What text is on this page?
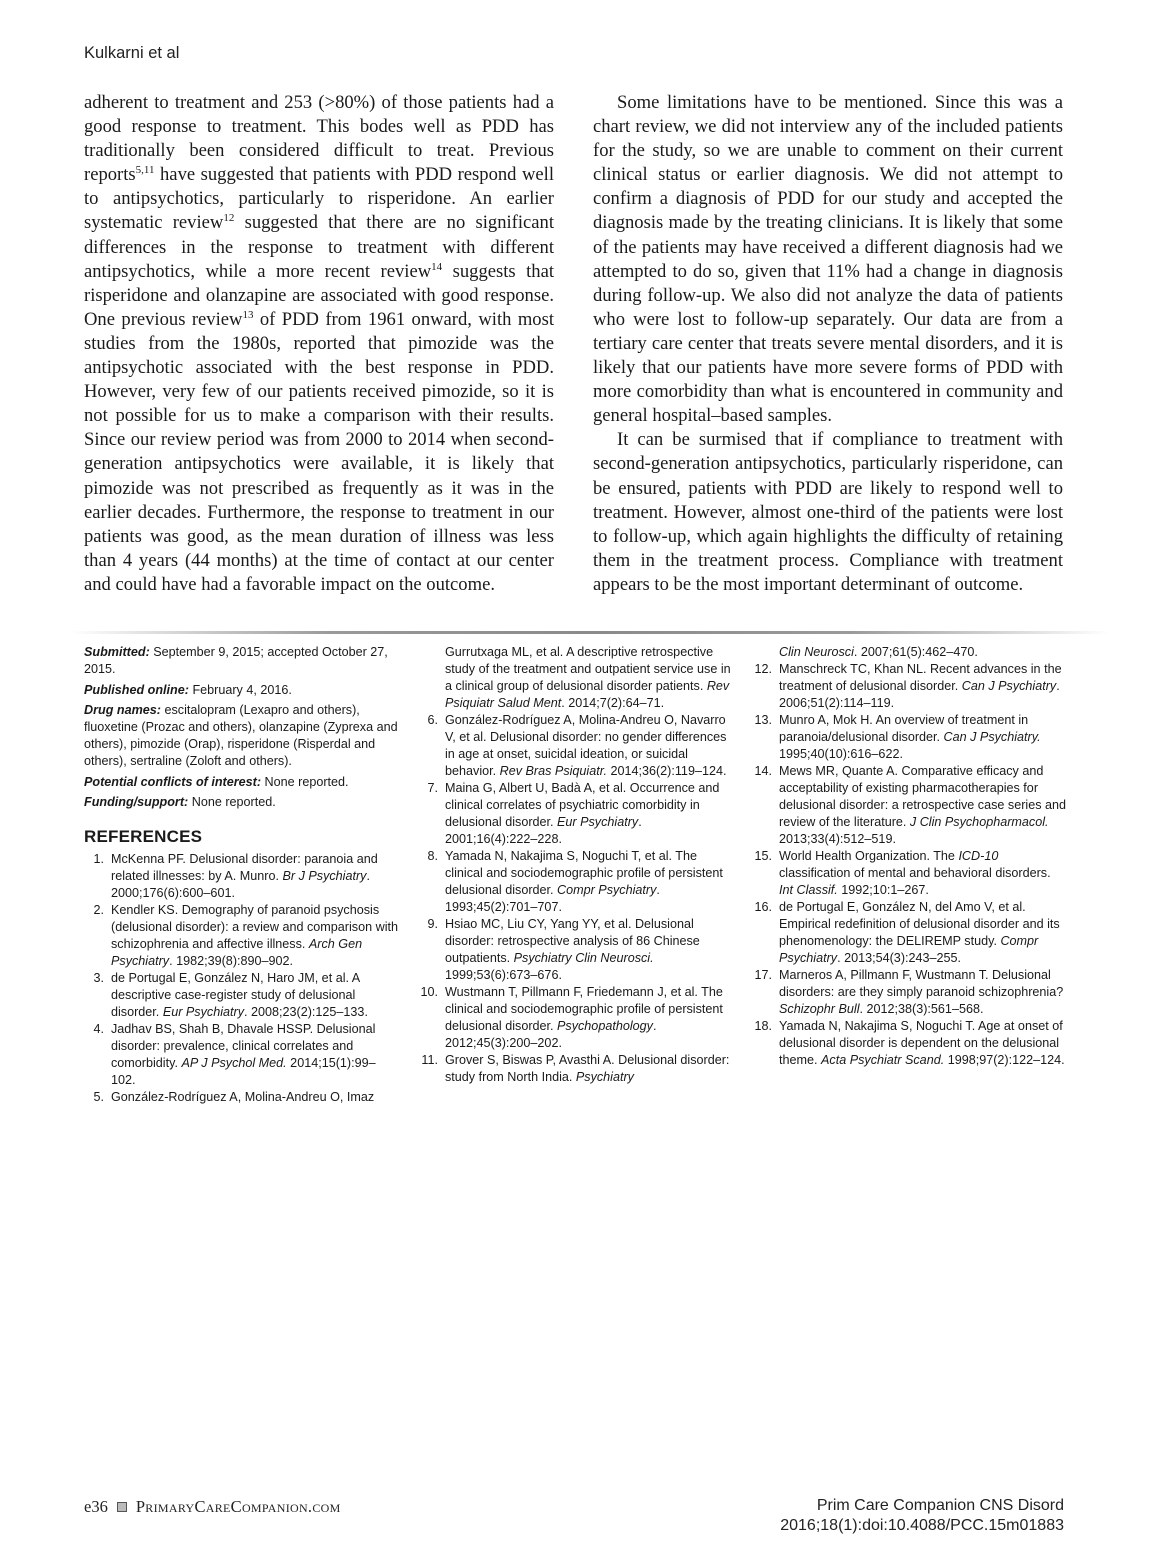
Kulkarni et al

adherent to treatment and 253 (>80%) of those patients had a good response to treatment. This bodes well as PDD has traditionally been considered difficult to treat. Previous reports$^{5,11}$ have suggested that patients with PDD respond well to antipsychotics, particularly to risperidone. An earlier systematic review$^{12}$ suggested that there are no significant differences in the response to treatment with different antipsychotics, while a more recent review$^{14}$ suggests that risperidone and olanzapine are associated with good response. One previous review$^{13}$ of PDD from 1961 onward, with most studies from the 1980s, reported that pimozide was the antipsychotic associated with the best response in PDD. However, very few of our patients received pimozide, so it is not possible for us to make a comparison with their results. Since our review period was from 2000 to 2014 when second-generation antipsychotics were available, it is likely that pimozide was not prescribed as frequently as it was in the earlier decades. Furthermore, the response to treatment in our patients was good, as the mean duration of illness was less than 4 years (44 months) at the time of contact at our center and could have had a favorable impact on the outcome.

Some limitations have to be mentioned. Since this was a chart review, we did not interview any of the included patients for the study, so we are unable to comment on their current clinical status or earlier diagnosis. We did not attempt to confirm a diagnosis of PDD for our study and accepted the diagnosis made by the treating clinicians. It is likely that some of the patients may have received a different diagnosis had we attempted to do so, given that 11% had a change in diagnosis during follow-up. We also did not analyze the data of patients who were lost to follow-up separately. Our data are from a tertiary care center that treats severe mental disorders, and it is likely that our patients have more severe forms of PDD with more comorbidity than what is encountered in community and general hospital–based samples.

It can be surmised that if compliance to treatment with second-generation antipsychotics, particularly risperidone, can be ensured, patients with PDD are likely to respond well to treatment. However, almost one-third of the patients were lost to follow-up, which again highlights the difficulty of retaining them in the treatment process. Compliance with treatment appears to be the most important determinant of outcome.

Submitted: September 9, 2015; accepted October 27, 2015.
Published online: February 4, 2016.
Drug names: escitalopram (Lexapro and others), fluoxetine (Prozac and others), olanzapine (Zyprexa and others), pimozide (Orap), risperidone (Risperdal and others), sertraline (Zoloft and others).
Potential conflicts of interest: None reported.
Funding/support: None reported.
REFERENCES
1. McKenna PF. Delusional disorder: paranoia and related illnesses: by A. Munro. Br J Psychiatry. 2000;176(6):600–601.
2. Kendler KS. Demography of paranoid psychosis (delusional disorder): a review and comparison with schizophrenia and affective illness. Arch Gen Psychiatry. 1982;39(8):890–902.
3. de Portugal E, González N, Haro JM, et al. A descriptive case-register study of delusional disorder. Eur Psychiatry. 2008;23(2):125–133.
4. Jadhav BS, Shah B, Dhavale HSSP. Delusional disorder: prevalence, clinical correlates and comorbidity. AP J Psychol Med. 2014;15(1):99–102.
5. González-Rodríguez A, Molina-Andreu O, Imaz
Gurrutxaga ML, et al. A descriptive retrospective study of the treatment and outpatient service use in a clinical group of delusional disorder patients. Rev Psiquiatr Salud Ment. 2014;7(2):64–71.
6. González-Rodríguez A, Molina-Andreu O, Navarro V, et al. Delusional disorder: no gender differences in age at onset, suicidal ideation, or suicidal behavior. Rev Bras Psiquiatr. 2014;36(2):119–124.
7. Maina G, Albert U, Badà A, et al. Occurrence and clinical correlates of psychiatric comorbidity in delusional disorder. Eur Psychiatry. 2001;16(4):222–228.
8. Yamada N, Nakajima S, Noguchi T, et al. The clinical and sociodemographic profile of persistent delusional disorder. Compr Psychiatry. 1993;45(2):701–707.
9. Hsiao MC, Liu CY, Yang YY, et al. Delusional disorder: retrospective analysis of 86 Chinese outpatients. Psychiatry Clin Neurosci. 1999;53(6):673–676.
10. Wustmann T, Pillmann F, Friedemann J, et al. The clinical and sociodemographic profile of persistent delusional disorder. Psychopathology. 2012;45(3):200–202.
11. Grover S, Biswas P, Avasthi A. Delusional disorder: study from North India. Psychiatry
Clin Neurosci. 2007;61(5):462–470.
12. Manschreck TC, Khan NL. Recent advances in the treatment of delusional disorder. Can J Psychiatry. 2006;51(2):114–119.
13. Munro A, Mok H. An overview of treatment in paranoia/delusional disorder. Can J Psychiatry. 1995;40(10):616–622.
14. Mews MR, Quante A. Comparative efficacy and acceptability of existing pharmacotherapies for delusional disorder: a retrospective case series and review of the literature. J Clin Psychopharmacol. 2013;33(4):512–519.
15. World Health Organization. The ICD-10 classification of mental and behavioral disorders. Int Classif. 1992;10:1–267.
16. de Portugal E, González N, del Amo V, et al. Empirical redefinition of delusional disorder and its phenomenology: the DELIREMP study. Compr Psychiatry. 2013;54(3):243–255.
17. Marneros A, Pillmann F, Wustmann T. Delusional disorders: are they simply paranoid schizophrenia? Schizophr Bull. 2012;38(3):561–568.
18. Yamada N, Nakajima S, Noguchi T. Age at onset of delusional disorder is dependent on the delusional theme. Acta Psychiatr Scand. 1998;97(2):122–124.
e36 PrimaryCareCompanion.com	Prim Care Companion CNS Disord
2016;18(1):doi:10.4088/PCC.15m01883
